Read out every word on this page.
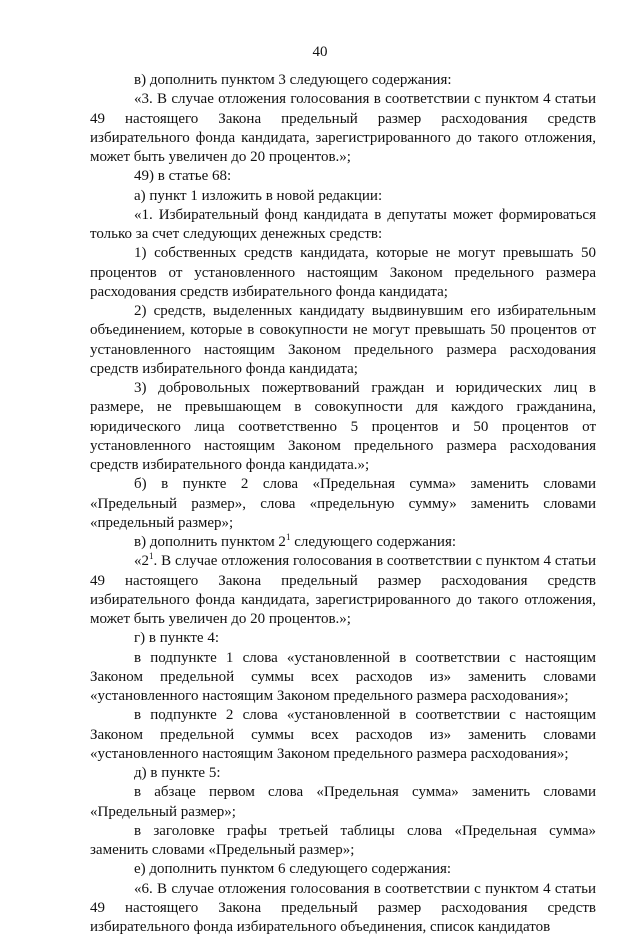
40

в) дополнить пунктом 3 следующего содержания:

«3. В случае отложения голосования в соответствии с пунктом 4 статьи 49 настоящего Закона предельный размер расходования средств избирательного фонда кандидата, зарегистрированного до такого отложения, может быть увеличен до 20 процентов.»;

49) в статье 68:

а) пункт 1 изложить в новой редакции:

«1. Избирательный фонд кандидата в депутаты может формироваться только за счет следующих денежных средств:

1) собственных средств кандидата, которые не могут превышать 50 процентов от установленного настоящим Законом предельного размера расходования средств избирательного фонда кандидата;

2) средств, выделенных кандидату выдвинувшим его избирательным объединением, которые в совокупности не могут превышать 50 процентов от установленного настоящим Законом предельного размера расходования средств избирательного фонда кандидата;

3) добровольных пожертвований граждан и юридических лиц в размере, не превышающем в совокупности для каждого гражданина, юридического лица соответственно 5 процентов и 50 процентов от установленного настоящим Законом предельного размера расходования средств избирательного фонда кандидата.»;

б) в пункте 2 слова «Предельная сумма» заменить словами «Предельный размер», слова «предельную сумму» заменить словами «предельный размер»;

в) дополнить пунктом $2^1$ следующего содержания:

«$2^1$. В случае отложения голосования в соответствии с пунктом 4 статьи 49 настоящего Закона предельный размер расходования средств избирательного фонда кандидата, зарегистрированного до такого отложения, может быть увеличен до 20 процентов.»;

г) в пункте 4:

в подпункте 1 слова «установленной в соответствии с настоящим Законом предельной суммы всех расходов из» заменить словами «установленного настоящим Законом предельного размера расходования»;

в подпункте 2 слова «установленной в соответствии с настоящим Законом предельной суммы всех расходов из» заменить словами «установленного настоящим Законом предельного размера расходования»;

д) в пункте 5:

в абзаце первом слова «Предельная сумма» заменить словами «Предельный размер»;

в заголовке графы третьей таблицы слова «Предельная сумма» заменить словами «Предельный размер»;

е) дополнить пунктом 6 следующего содержания:

«6. В случае отложения голосования в соответствии с пунктом 4 статьи 49 настоящего Закона предельный размер расходования средств избирательного фонда избирательного объединения, список кандидатов
